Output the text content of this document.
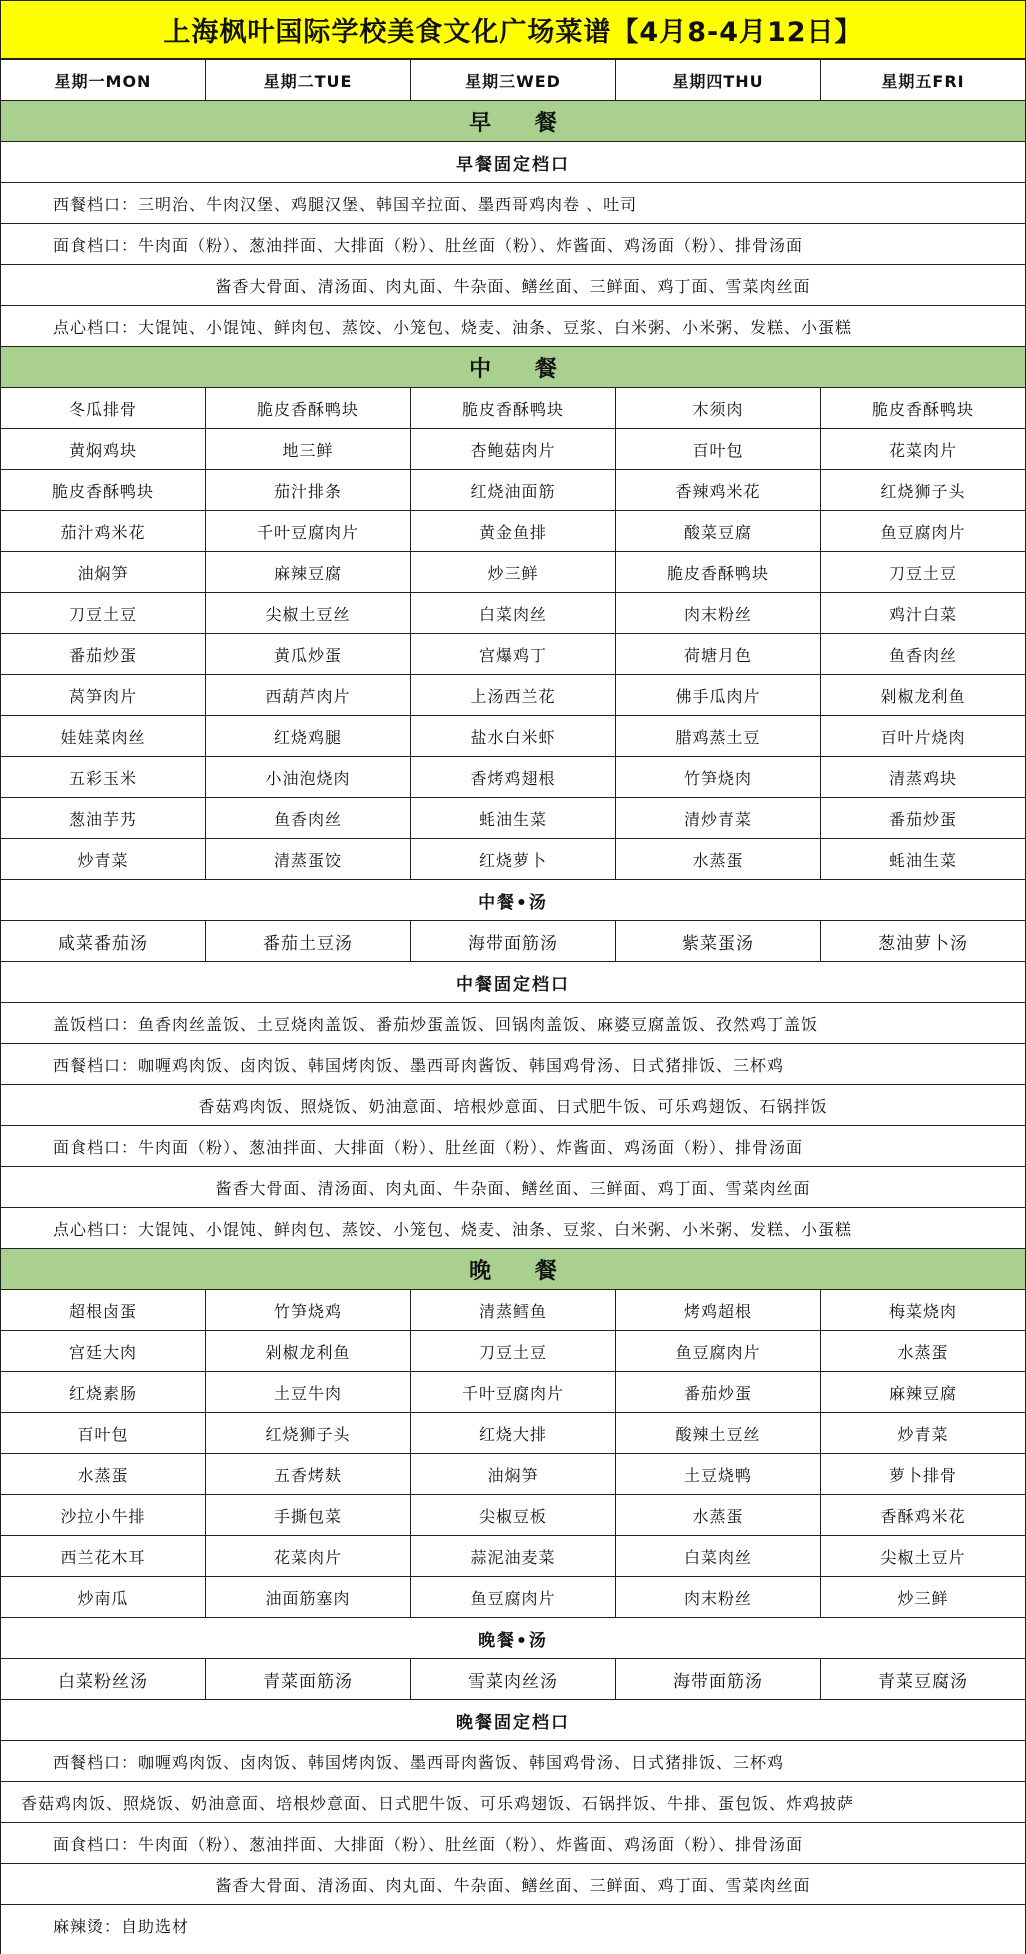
上海枫叶国际学校美食文化广场菜谱【4月8-4月12日】
星期一MON	星期二TUE	星期三WED	星期四THU	星期五FRI
早 餐
早餐固定档口
西餐档口：三明治、牛肉汉堡、鸡腿汉堡、韩国辛拉面、墨西哥鸡肉卷 、吐司
面食档口：牛肉面（粉）、葱油拌面、大排面（粉）、肚丝面（粉）、炸酱面、鸡汤面（粉）、排骨汤面
酱香大骨面、清汤面、肉丸面、牛杂面、鳝丝面、三鲜面、鸡丁面、雪菜肉丝面
点心档口：大馄饨、小馄饨、鲜肉包、蒸饺、小笼包、烧麦、油条、豆浆、白米粥、小米粥、发糕、小蛋糕
中 餐
冬瓜排骨	脆皮香酥鸭块	脆皮香酥鸭块	木须肉	脆皮香酥鸭块
黄焖鸡块	地三鲜	杏鲍菇肉片	百叶包	花菜肉片
脆皮香酥鸭块	茄汁排条	红烧油面筋	香辣鸡米花	红烧狮子头
茄汁鸡米花	千叶豆腐肉片	黄金鱼排	酸菜豆腐	鱼豆腐肉片
油焖笋	麻辣豆腐	炒三鲜	脆皮香酥鸭块	刀豆土豆
刀豆土豆	尖椒土豆丝	白菜肉丝	肉末粉丝	鸡汁白菜
番茄炒蛋	黄瓜炒蛋	宫爆鸡丁	荷塘月色	鱼香肉丝
莴笋肉片	西葫芦肉片	上汤西兰花	佛手瓜肉片	剁椒龙利鱼
娃娃菜肉丝	红烧鸡腿	盐水白米虾	腊鸡蒸土豆	百叶片烧肉
五彩玉米	小油泡烧肉	香烤鸡翅根	竹笋烧肉	清蒸鸡块
葱油芋艿	鱼香肉丝	蚝油生菜	清炒青菜	番茄炒蛋
炒青菜	清蒸蛋饺	红烧萝卜	水蒸蛋	蚝油生菜
中餐•汤
咸菜番茄汤	番茄土豆汤	海带面筋汤	紫菜蛋汤	葱油萝卜汤
中餐固定档口
盖饭档口：鱼香肉丝盖饭、土豆烧肉盖饭、番茄炒蛋盖饭、回锅肉盖饭、麻婆豆腐盖饭、孜然鸡丁盖饭
西餐档口：咖喱鸡肉饭、卤肉饭、韩国烤肉饭、墨西哥肉酱饭、韩国鸡骨汤、日式猪排饭、三杯鸡
香菇鸡肉饭、照烧饭、奶油意面、培根炒意面、日式肥牛饭、可乐鸡翅饭、石锅拌饭
面食档口：牛肉面（粉）、葱油拌面、大排面（粉）、肚丝面（粉）、炸酱面、鸡汤面（粉）、排骨汤面
酱香大骨面、清汤面、肉丸面、牛杂面、鳝丝面、三鲜面、鸡丁面、雪菜肉丝面
点心档口：大馄饨、小馄饨、鲜肉包、蒸饺、小笼包、烧麦、油条、豆浆、白米粥、小米粥、发糕、小蛋糕
晚 餐
超根卤蛋	竹笋烧鸡	清蒸鳕鱼	烤鸡超根	梅菜烧肉
宫廷大肉	剁椒龙利鱼	刀豆土豆	鱼豆腐肉片	水蒸蛋
红烧素肠	土豆牛肉	千叶豆腐肉片	番茄炒蛋	麻辣豆腐
百叶包	红烧狮子头	红烧大排	酸辣土豆丝	炒青菜
水蒸蛋	五香烤麸	油焖笋	土豆烧鸭	萝卜排骨
沙拉小牛排	手撕包菜	尖椒豆板	水蒸蛋	香酥鸡米花
西兰花木耳	花菜肉片	蒜泥油麦菜	白菜肉丝	尖椒土豆片
炒南瓜	油面筋塞肉	鱼豆腐肉片	肉末粉丝	炒三鲜
晚餐•汤
白菜粉丝汤	青菜面筋汤	雪菜肉丝汤	海带面筋汤	青菜豆腐汤
晚餐固定档口
西餐档口：咖喱鸡肉饭、卤肉饭、韩国烤肉饭、墨西哥肉酱饭、韩国鸡骨汤、日式猪排饭、三杯鸡
香菇鸡肉饭、照烧饭、奶油意面、培根炒意面、日式肥牛饭、可乐鸡翅饭、石锅拌饭、牛排、蛋包饭、炸鸡披萨
面食档口：牛肉面（粉）、葱油拌面、大排面（粉）、肚丝面（粉）、炸酱面、鸡汤面（粉）、排骨汤面
酱香大骨面、清汤面、肉丸面、牛杂面、鳝丝面、三鲜面、鸡丁面、雪菜肉丝面
麻辣烫：自助选材
